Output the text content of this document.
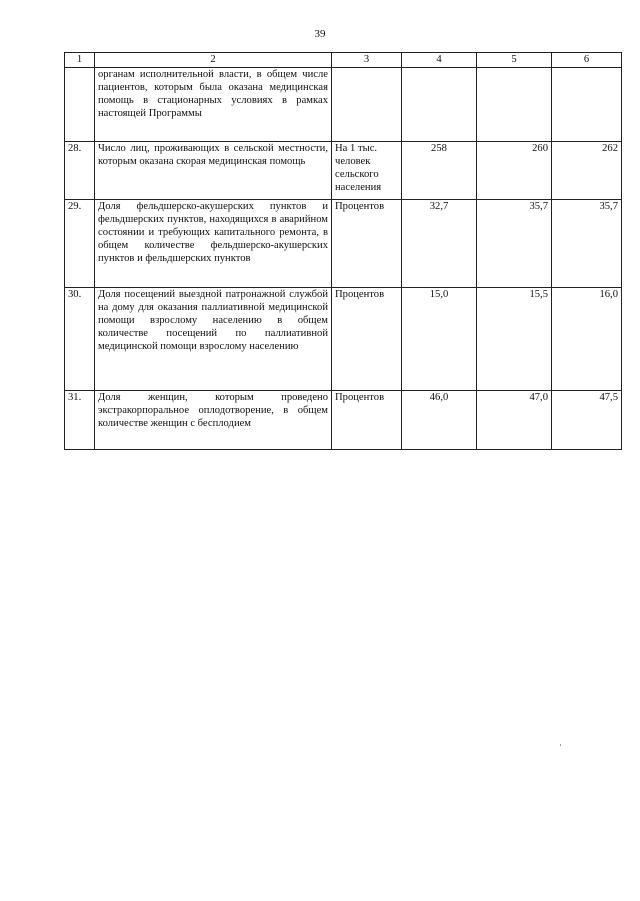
39
1	2	3	4	5	6
	органам исполнительной власти, в общем числе пациентов, которым была оказана медицинская помощь в стационарных условиях в рамках настоящей Программы				
28.	Число лиц, проживающих в сельской местности, которым оказана скорая медицинская помощь	На 1 тыс. человек сельского населения	258	260	262
29.	Доля фельдшерско-акушерских пунктов и фельдшерских пунктов, находящихся в аварийном состоянии и требующих капитального ремонта, в общем количестве фельдшерско-акушерских пунктов и фельдшерских пунктов	Процентов	32,7	35,7	35,7
30.	Доля посещений выездной патронажной службой на дому для оказания паллиативной медицинской помощи взрослому населению в общем количестве посещений по паллиативной медицинской помощи взрослому населению	Процентов	15,0	15,5	16,0
31.	Доля женщин, которым проведено экстракорпоральное оплодотворение, в общем количестве женщин с бесплодием	Процентов	46,0	47,0	47,5
